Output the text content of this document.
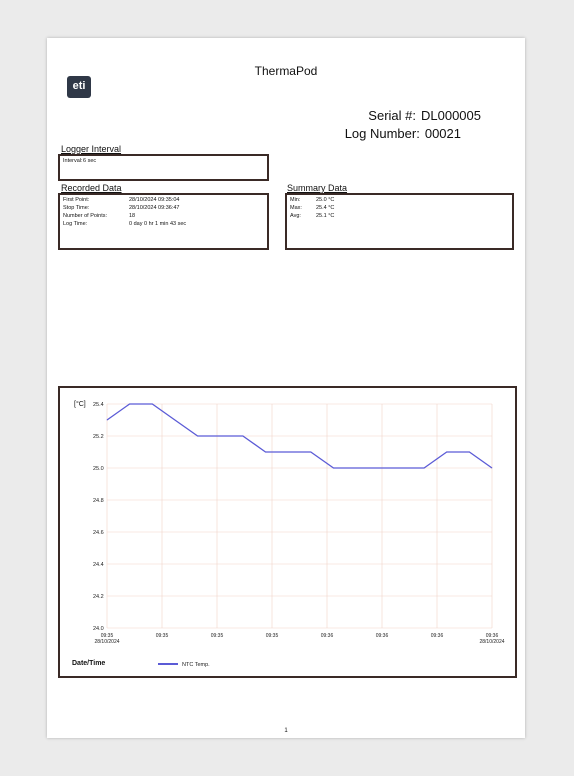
eti
ThermaPod
Serial #: DL000005
Log Number: 00021
Logger Interval
Interval: 6 sec
Recorded Data
First Point:	28/10/2024 09:35:04
Stop Time:	28/10/2024 09:36:47
Number of Points:	18
Log Time:	0 day 0 hr 1 min 43 sec
Summary Data
Min:	25.0 °C
Max:	25.4 °C
Avg:	25.1 °C
25.4
25.2
25.0
24.8
24.6
24.4
24.2
24.0
09:35
28/10/2024
09:35	09:35	09:35	09:36	09:36	09:36	09:36
28/10/2024
[°C]
Date/Time	NTC Temp.
1
